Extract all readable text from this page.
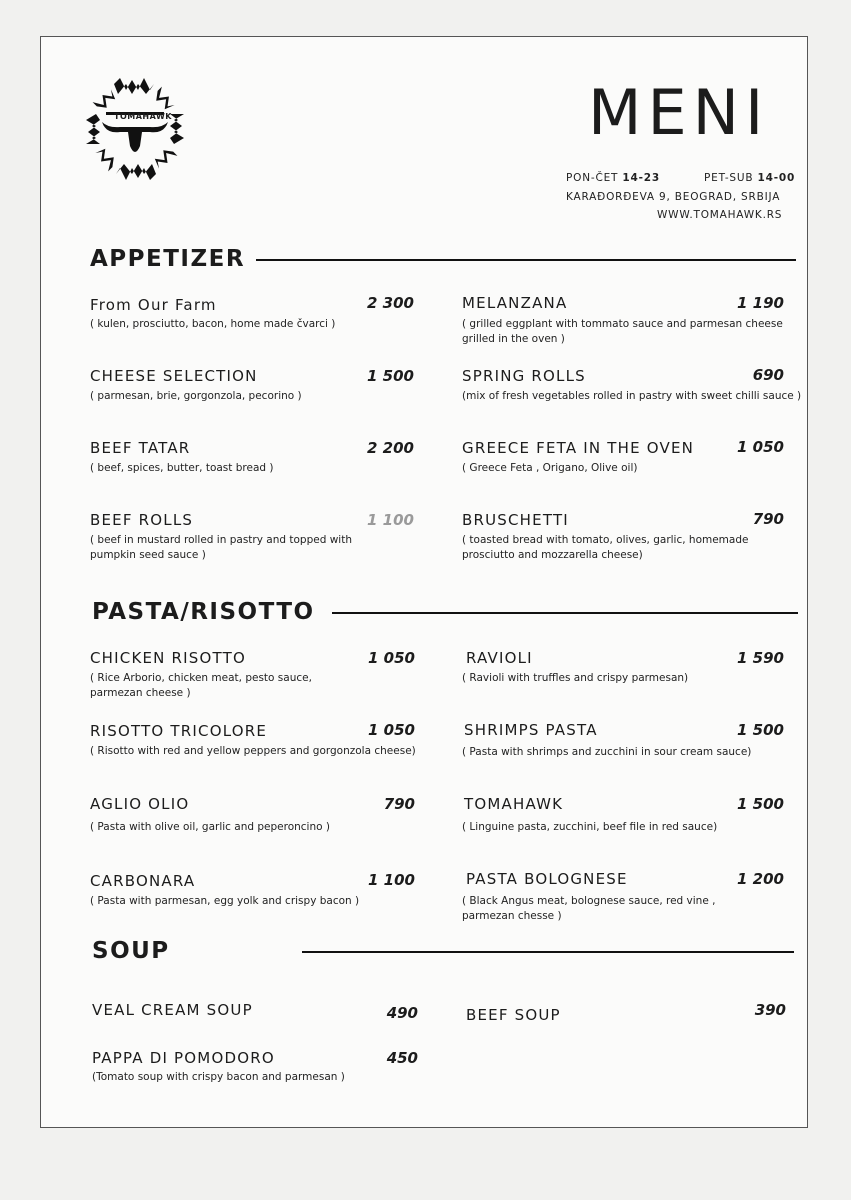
TOMAHAWK	MENI
PON-ČET 14-23	PET-SUB 14-00
KARAĐORĐEVA 9, BEOGRAD, SRBIJA
WWW.TOMAHAWK.RS
APPETIZER
From Our Farm	2 300
( kulen, prosciutto, bacon, home made čvarci )
CHEESE SELECTION	1 500
( parmesan, brie, gorgonzola, pecorino )
BEEF TATAR	2 200
( beef, spices, butter, toast bread )
BEEF ROLLS	1 100
( beef in mustard rolled in pastry and topped with pumpkin seed sauce )
MELANZANA	1 190
( grilled eggplant with tommato sauce and parmesan cheese grilled in the oven )
SPRING ROLLS	690
(mix of fresh vegetables rolled in pastry with sweet chilli sauce )
GREECE FETA IN THE OVEN	1 050
( Greece Feta , Origano, Olive oil)
BRUSCHETTI	790
( toasted bread with tomato, olives, garlic, homemade prosciutto and mozzarella cheese)
PASTA/RISOTTO
CHICKEN RISOTTO	1 050
( Rice Arborio, chicken meat, pesto sauce, parmezan cheese )
RISOTTO TRICOLORE	1 050
( Risotto with red and yellow peppers and gorgonzola cheese)
AGLIO OLIO	790
( Pasta with olive oil, garlic and peperoncino )
CARBONARA	1 100
( Pasta with parmesan, egg yolk and crispy bacon )
RAVIOLI	1 590
( Ravioli with truffles and crispy parmesan)
SHRIMPS PASTA	1 500
( Pasta with shrimps and zucchini in sour cream sauce)
TOMAHAWK	1 500
( Linguine pasta, zucchini, beef file in red sauce)
PASTA BOLOGNESE	1 200
( Black Angus meat, bolognese sauce, red vine , parmezan chesse )
SOUP
VEAL CREAM SOUP	490
PAPPA DI POMODORO	450
(Tomato soup with crispy bacon and parmesan )
BEEF SOUP	390
